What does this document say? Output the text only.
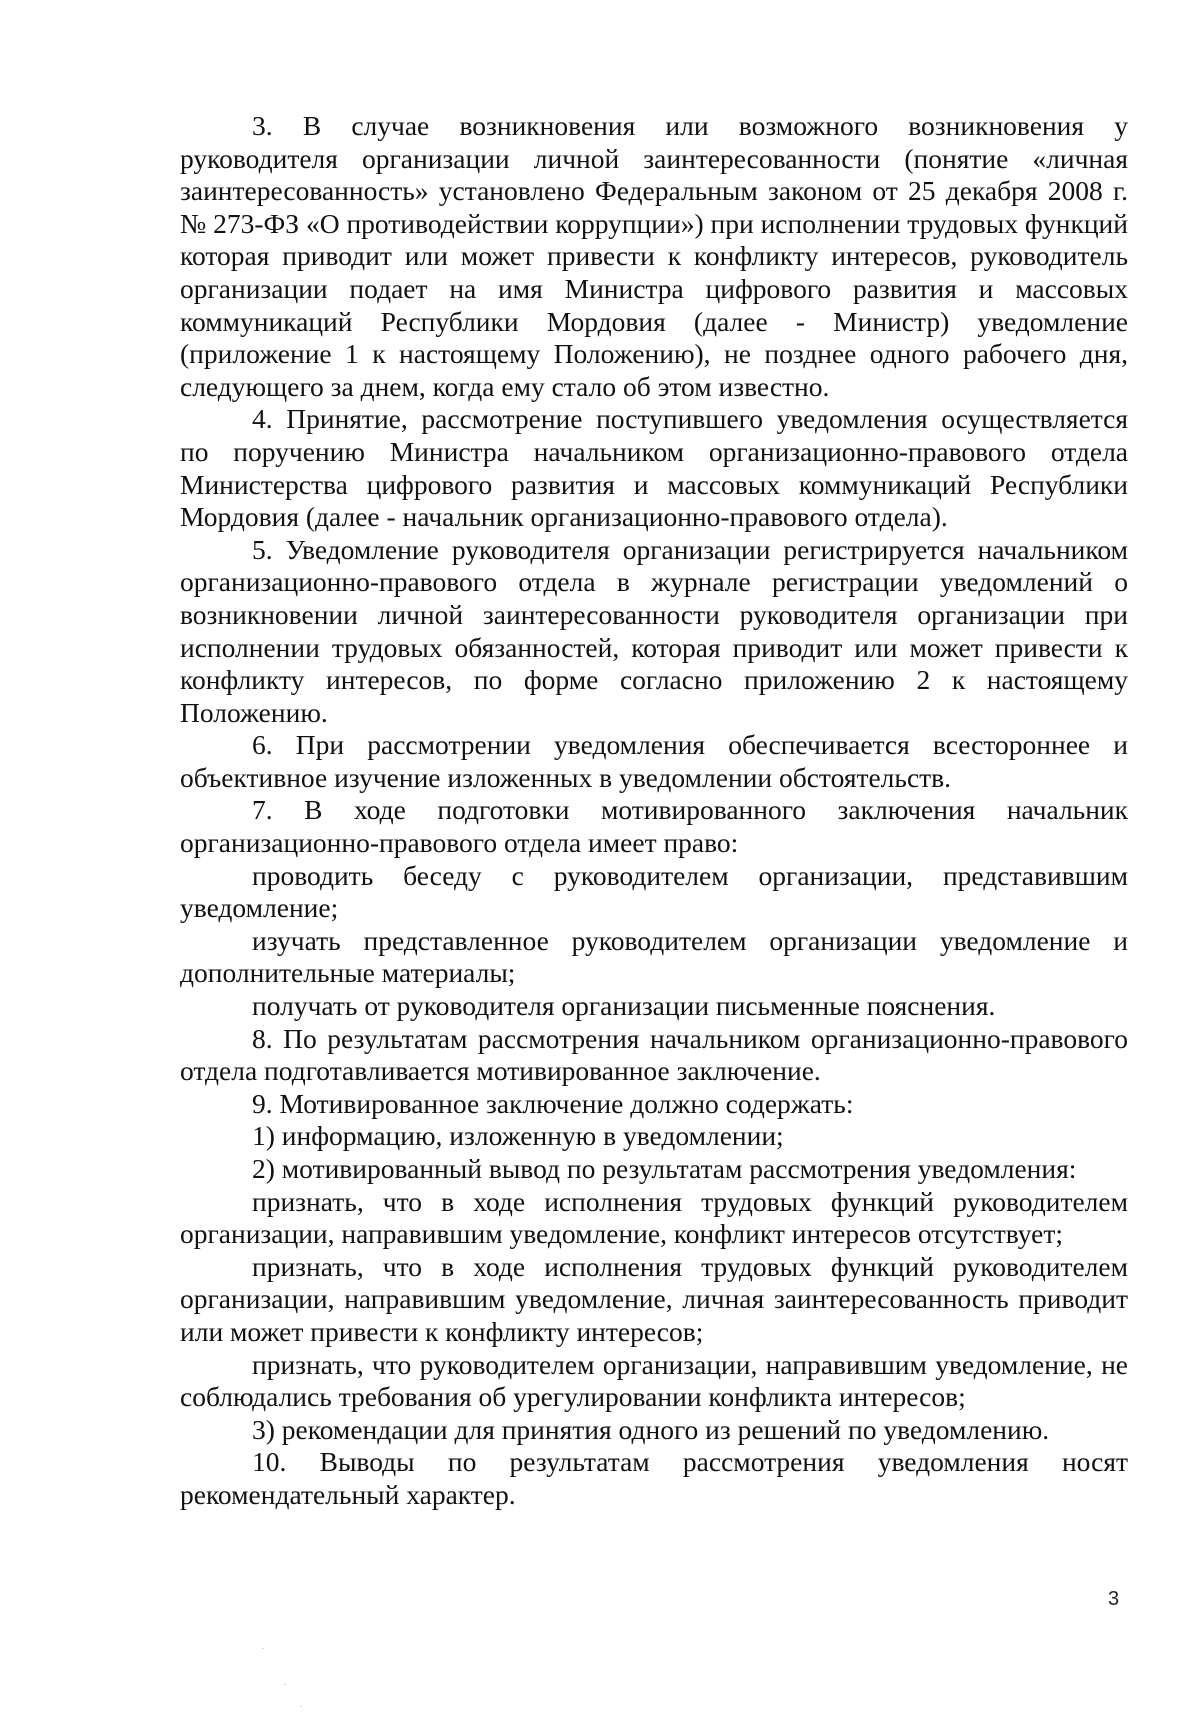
3. В случае возникновения или возможного возникновения у руководителя организации личной заинтересованности (понятие «личная заинтересованность» установлено Федеральным законом от 25 декабря 2008 г. № 273-ФЗ «О противодействии коррупции») при исполнении трудовых функций которая приводит или может привести к конфликту интересов, руководитель организации подает на имя Министра цифрового развития и массовых коммуникаций Республики Мордовия (далее - Министр) уведомление (приложение 1 к настоящему Положению), не позднее одного рабочего дня, следующего за днем, когда ему стало об этом известно.

4. Принятие, рассмотрение поступившего уведомления осуществляется по поручению Министра начальником организационно-правового отдела Министерства цифрового развития и массовых коммуникаций Республики Мордовия (далее - начальник организационно-правового отдела).

5. Уведомление руководителя организации регистрируется начальником организационно-правового отдела в журнале регистрации уведомлений о возникновении личной заинтересованности руководителя организации при исполнении трудовых обязанностей, которая приводит или может привести к конфликту интересов, по форме согласно приложению 2 к настоящему Положению.

6. При рассмотрении уведомления обеспечивается всестороннее и объективное изучение изложенных в уведомлении обстоятельств.

7. В ходе подготовки мотивированного заключения начальник организационно-правового отдела имеет право:

проводить беседу с руководителем организации, представившим уведомление;

изучать представленное руководителем организации уведомление и дополнительные материалы;

получать от руководителя организации письменные пояснения.

8. По результатам рассмотрения начальником организационно-правового отдела подготавливается мотивированное заключение.

9. Мотивированное заключение должно содержать:

1) информацию, изложенную в уведомлении;

2) мотивированный вывод по результатам рассмотрения уведомления:

признать, что в ходе исполнения трудовых функций руководителем организации, направившим уведомление, конфликт интересов отсутствует;

признать, что в ходе исполнения трудовых функций руководителем организации, направившим уведомление, личная заинтересованность приводит или может привести к конфликту интересов;

признать, что руководителем организации, направившим уведомление, не соблюдались требования об урегулировании конфликта интересов;

3) рекомендации для принятия одного из решений по уведомлению.

10. Выводы по результатам рассмотрения уведомления носят рекомендательный характер.

3
